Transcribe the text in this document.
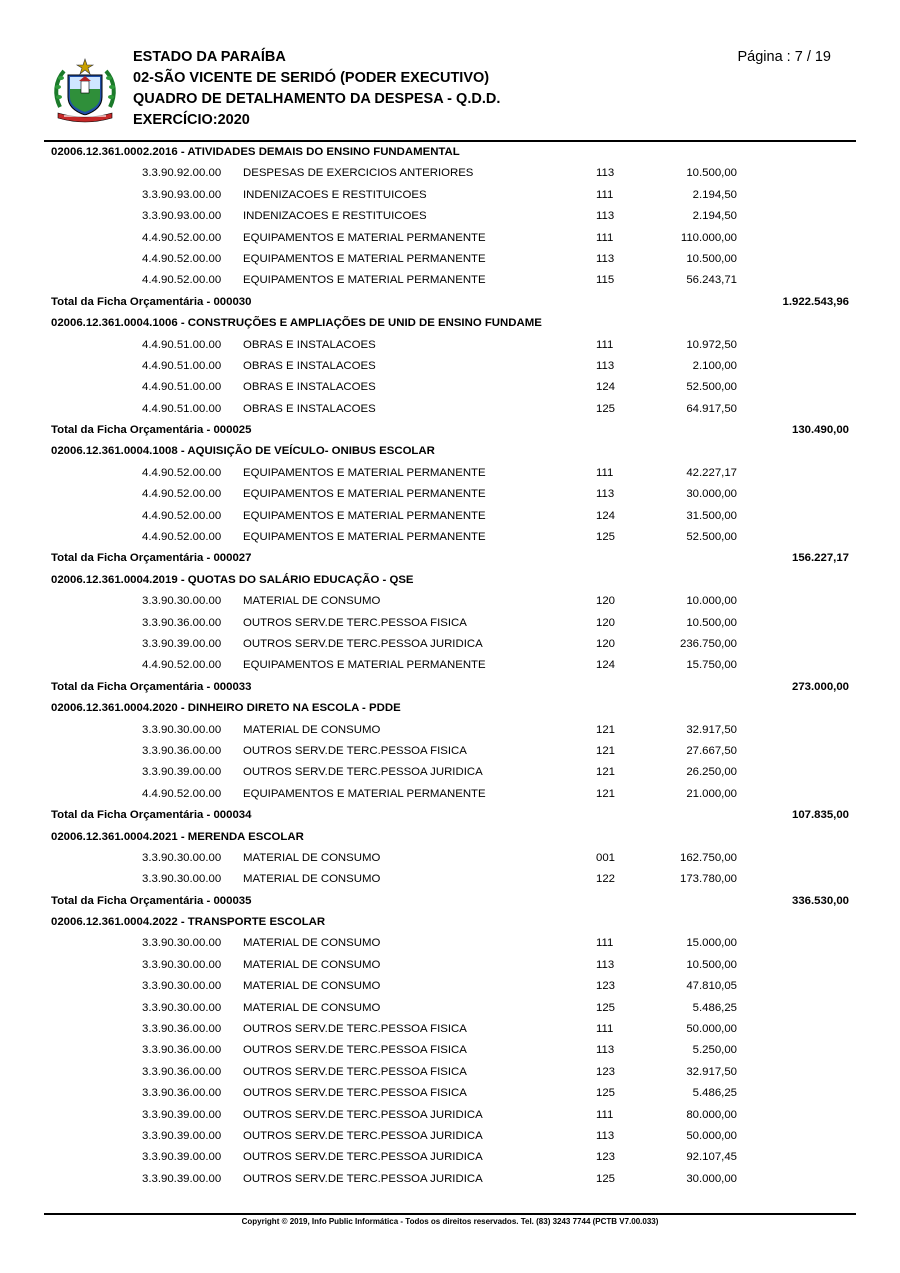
ESTADO DA PARAÍBA
02-SÃO VICENTE DE SERIDÓ (PODER EXECUTIVO)
QUADRO DE DETALHAMENTO DA DESPESA - Q.D.D.
EXERCÍCIO:2020
Página : 7 / 19
02006.12.361.0002.2016 - ATIVIDADES DEMAIS DO ENSINO FUNDAMENTAL
3.3.90.92.00.00 DESPESAS DE EXERCICIOS ANTERIORES	113	10.500,00
3.3.90.93.00.00 INDENIZACOES E RESTITUICOES	111	2.194,50
3.3.90.93.00.00 INDENIZACOES E RESTITUICOES	113	2.194,50
4.4.90.52.00.00 EQUIPAMENTOS E MATERIAL PERMANENTE	111	110.000,00
4.4.90.52.00.00 EQUIPAMENTOS E MATERIAL PERMANENTE	113	10.500,00
4.4.90.52.00.00 EQUIPAMENTOS E MATERIAL PERMANENTE	115	56.243,71
Total da Ficha Orçamentária - 000030	1.922.543,96
02006.12.361.0004.1006 - CONSTRUÇÕES E AMPLIAÇÕES DE UNID DE ENSINO FUNDAME
4.4.90.51.00.00 OBRAS E INSTALACOES	111	10.972,50
4.4.90.51.00.00 OBRAS E INSTALACOES	113	2.100,00
4.4.90.51.00.00 OBRAS E INSTALACOES	124	52.500,00
4.4.90.51.00.00 OBRAS E INSTALACOES	125	64.917,50
Total da Ficha Orçamentária - 000025	130.490,00
02006.12.361.0004.1008 - AQUISIÇÃO DE VEÍCULO- ONIBUS ESCOLAR
4.4.90.52.00.00 EQUIPAMENTOS E MATERIAL PERMANENTE	111	42.227,17
4.4.90.52.00.00 EQUIPAMENTOS E MATERIAL PERMANENTE	113	30.000,00
4.4.90.52.00.00 EQUIPAMENTOS E MATERIAL PERMANENTE	124	31.500,00
4.4.90.52.00.00 EQUIPAMENTOS E MATERIAL PERMANENTE	125	52.500,00
Total da Ficha Orçamentária - 000027	156.227,17
02006.12.361.0004.2019 - QUOTAS DO SALÁRIO EDUCAÇÃO - QSE
3.3.90.30.00.00 MATERIAL DE CONSUMO	120	10.000,00
3.3.90.36.00.00 OUTROS SERV.DE TERC.PESSOA FISICA	120	10.500,00
3.3.90.39.00.00 OUTROS SERV.DE TERC.PESSOA JURIDICA	120	236.750,00
4.4.90.52.00.00 EQUIPAMENTOS E MATERIAL PERMANENTE	124	15.750,00
Total da Ficha Orçamentária - 000033	273.000,00
02006.12.361.0004.2020 - DINHEIRO DIRETO NA ESCOLA - PDDE
3.3.90.30.00.00 MATERIAL DE CONSUMO	121	32.917,50
3.3.90.36.00.00 OUTROS SERV.DE TERC.PESSOA FISICA	121	27.667,50
3.3.90.39.00.00 OUTROS SERV.DE TERC.PESSOA JURIDICA	121	26.250,00
4.4.90.52.00.00 EQUIPAMENTOS E MATERIAL PERMANENTE	121	21.000,00
Total da Ficha Orçamentária - 000034	107.835,00
02006.12.361.0004.2021 - MERENDA ESCOLAR
3.3.90.30.00.00 MATERIAL DE CONSUMO	001	162.750,00
3.3.90.30.00.00 MATERIAL DE CONSUMO	122	173.780,00
Total da Ficha Orçamentária - 000035	336.530,00
02006.12.361.0004.2022 - TRANSPORTE ESCOLAR
3.3.90.30.00.00 MATERIAL DE CONSUMO	111	15.000,00
3.3.90.30.00.00 MATERIAL DE CONSUMO	113	10.500,00
3.3.90.30.00.00 MATERIAL DE CONSUMO	123	47.810,05
3.3.90.30.00.00 MATERIAL DE CONSUMO	125	5.486,25
3.3.90.36.00.00 OUTROS SERV.DE TERC.PESSOA FISICA	111	50.000,00
3.3.90.36.00.00 OUTROS SERV.DE TERC.PESSOA FISICA	113	5.250,00
3.3.90.36.00.00 OUTROS SERV.DE TERC.PESSOA FISICA	123	32.917,50
3.3.90.36.00.00 OUTROS SERV.DE TERC.PESSOA FISICA	125	5.486,25
3.3.90.39.00.00 OUTROS SERV.DE TERC.PESSOA JURIDICA	111	80.000,00
3.3.90.39.00.00 OUTROS SERV.DE TERC.PESSOA JURIDICA	113	50.000,00
3.3.90.39.00.00 OUTROS SERV.DE TERC.PESSOA JURIDICA	123	92.107,45
3.3.90.39.00.00 OUTROS SERV.DE TERC.PESSOA JURIDICA	125	30.000,00
Copyright © 2019, Info Public Informática - Todos os direitos reservados. Tel. (83) 3243 7744 (PCTB V7.00.033)
